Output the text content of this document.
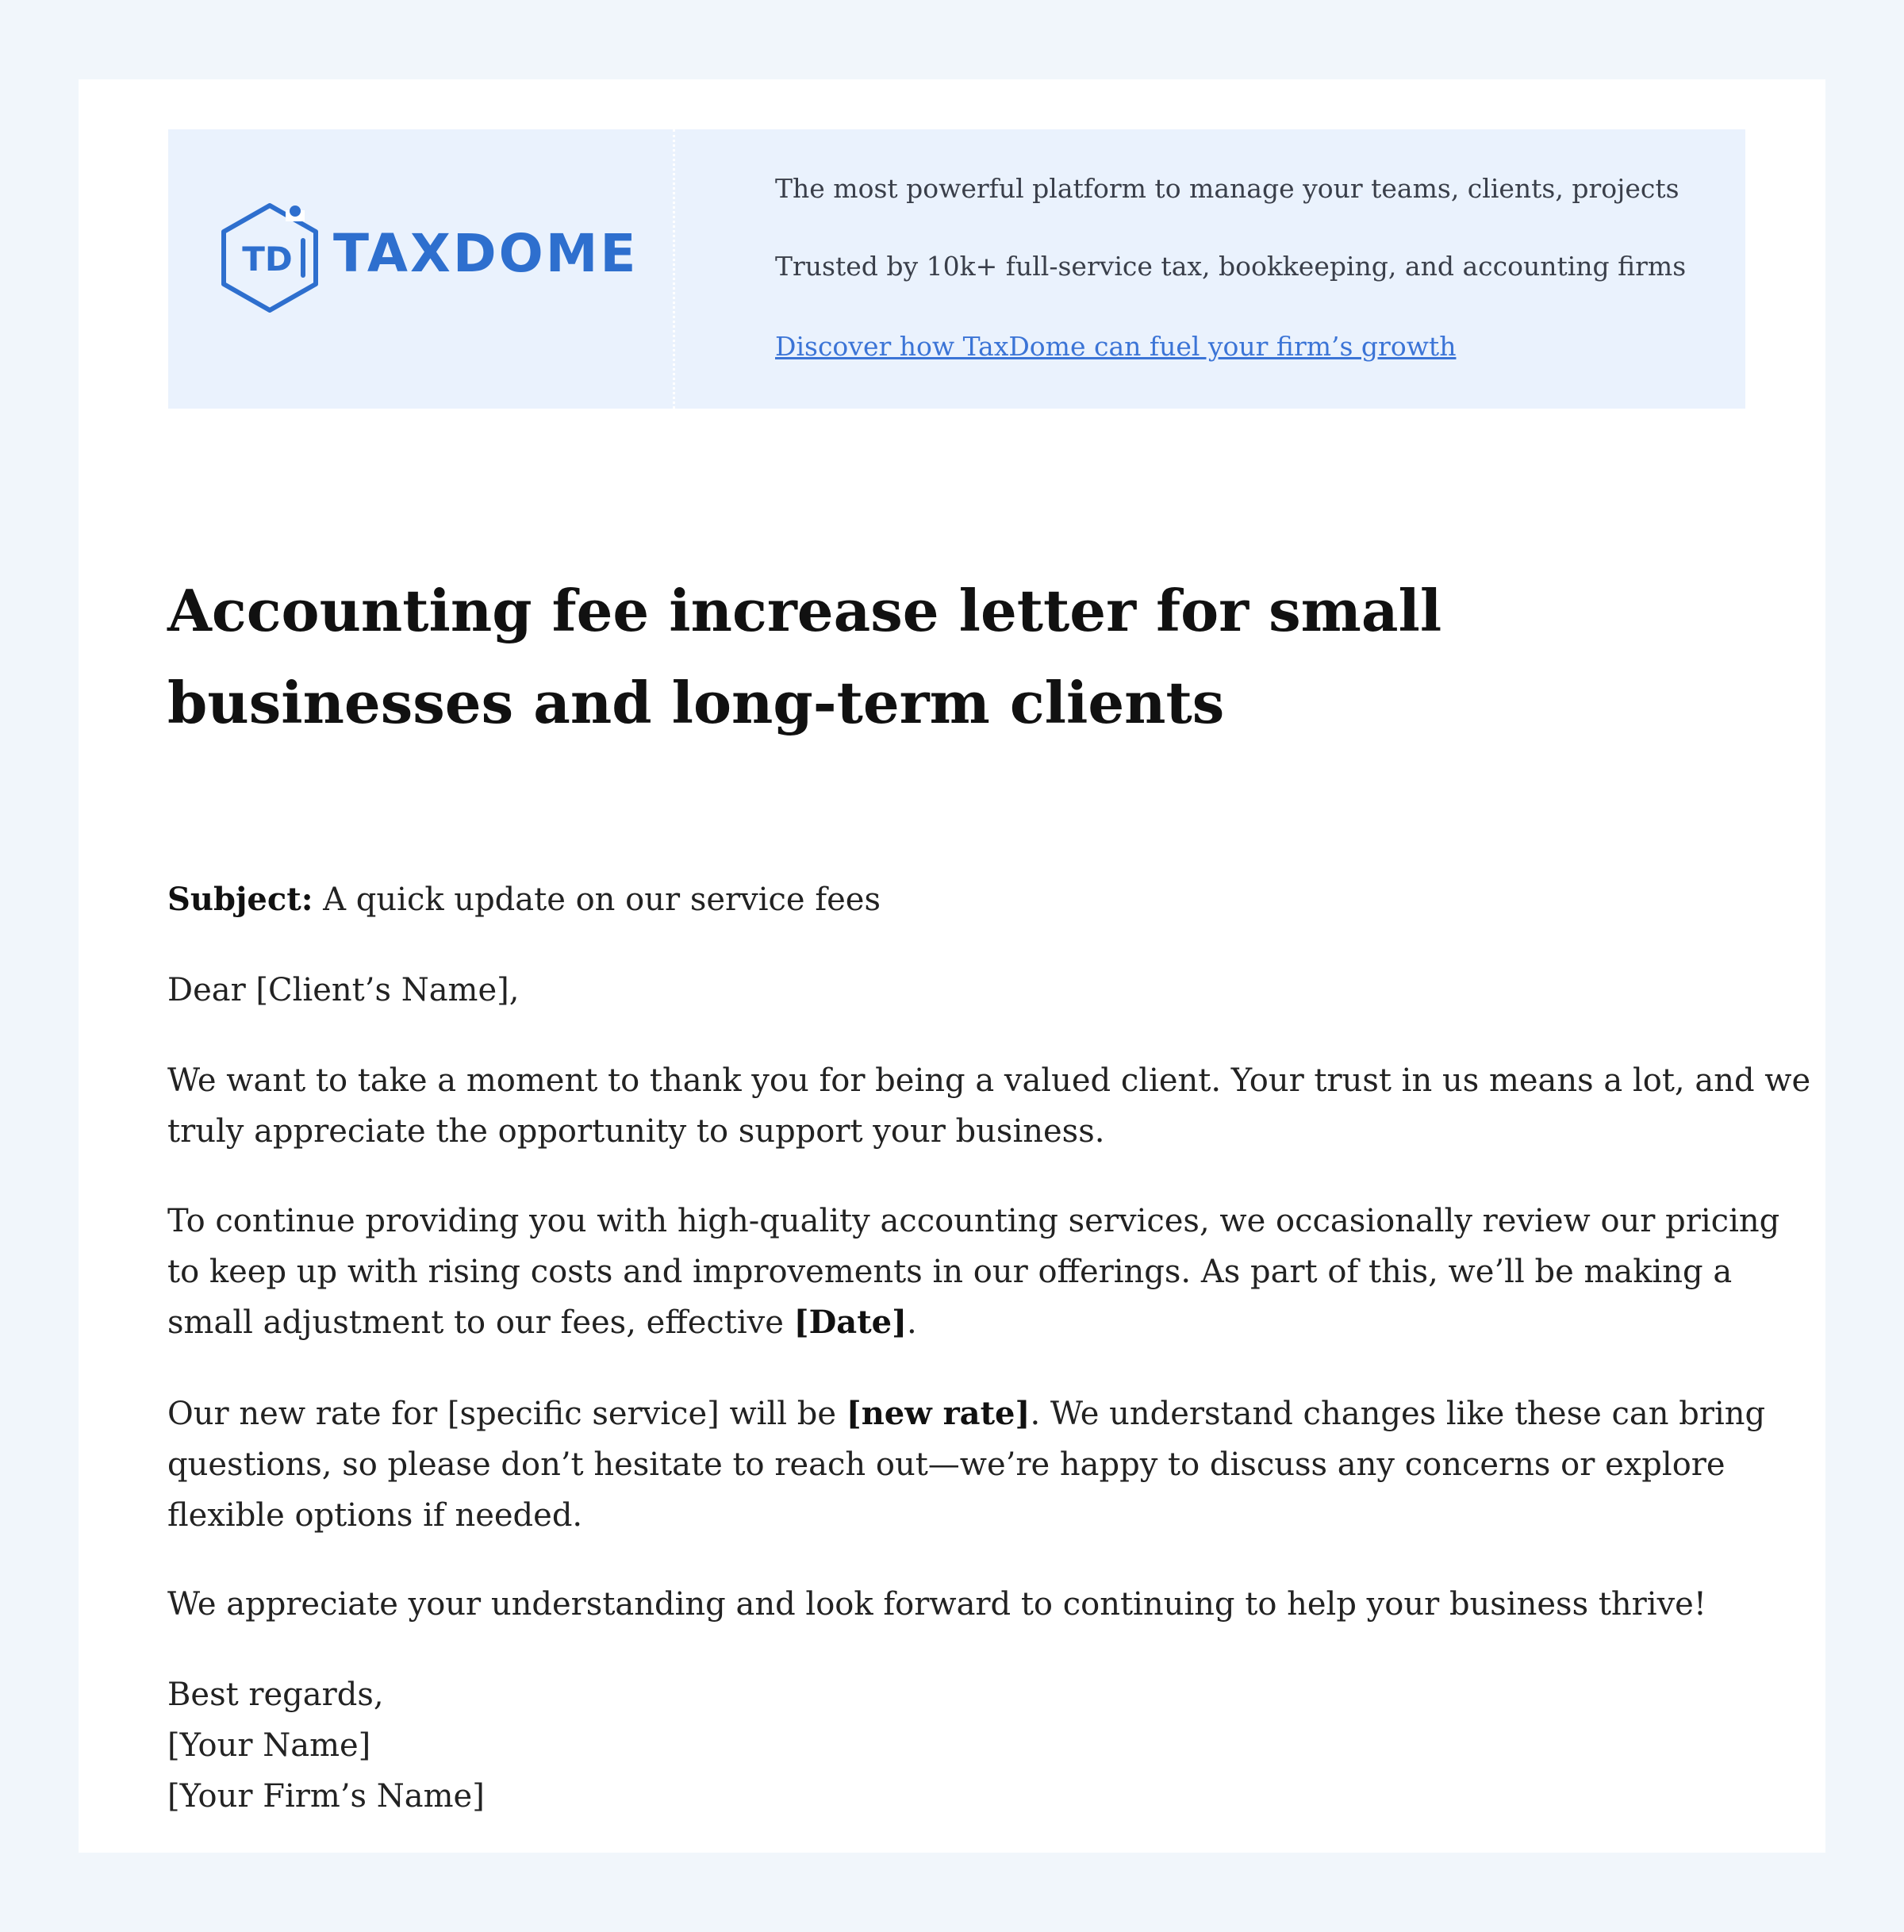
TD TAXDOME
The most powerful platform to manage your teams, clients, projects
Trusted by 10k+ full-service tax, bookkeeping, and accounting firms
Discover how TaxDome can fuel your firm’s growth
Accounting fee increase letter for small businesses and long-term clients

Subject: A quick update on our service fees

Dear [Client’s Name],

We want to take a moment to thank you for being a valued client. Your trust in us means a lot, and we truly appreciate the opportunity to support your business.

To continue providing you with high-quality accounting services, we occasionally review our pricing to keep up with rising costs and improvements in our offerings. As part of this, we’ll be making a small adjustment to our fees, effective [Date].

Our new rate for [specific service] will be [new rate]. We understand changes like these can bring questions, so please don’t hesitate to reach out—we’re happy to discuss any concerns or explore flexible options if needed.

We appreciate your understanding and look forward to continuing to help your business thrive!

Best regards,
[Your Name]
[Your Firm’s Name]
